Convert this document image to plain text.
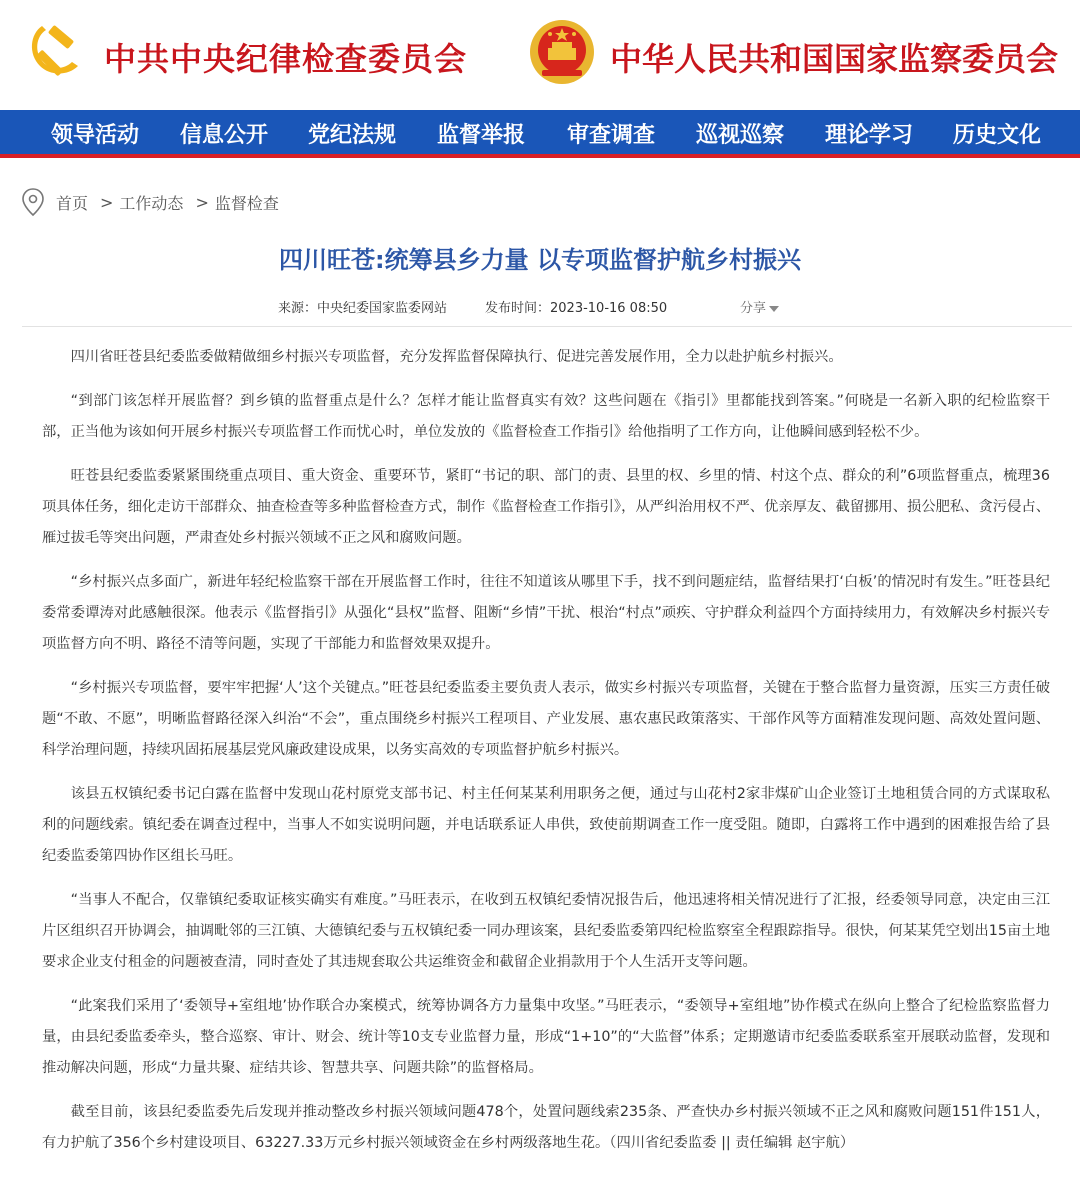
中共中央纪律检查委员会	中华人民共和国国家监察委员会
领导活动 信息公开 党纪法规 监督举报 审查调查 巡视巡察 理论学习 历史文化
首页 > 工作动态 > 监督检查
四川旺苍:统筹县乡力量 以专项监督护航乡村振兴
来源：中央纪委国家监委网站	发布时间：2023-10-16 08:50	分享

四川省旺苍县纪委监委做精做细乡村振兴专项监督，充分发挥监督保障执行、促进完善发展作用，全力以赴护航乡村振兴。

“到部门该怎样开展监督？到乡镇的监督重点是什么？怎样才能让监督真实有效？这些问题在《指引》里都能找到答案。”何晓是一名新入职的纪检监察干部，正当他为该如何开展乡村振兴专项监督工作而忧心时，单位发放的《监督检查工作指引》给他指明了工作方向，让他瞬间感到轻松不少。

旺苍县纪委监委紧紧围绕重点项目、重大资金、重要环节，紧盯“书记的职、部门的责、县里的权、乡里的情、村这个点、群众的利”6项监督重点，梳理36项具体任务，细化走访干部群众、抽查检查等多种监督检查方式，制作《监督检查工作指引》，从严纠治用权不严、优亲厚友、截留挪用、损公肥私、贪污侵占、雁过拔毛等突出问题，严肃查处乡村振兴领域不正之风和腐败问题。

“乡村振兴点多面广，新进年轻纪检监察干部在开展监督工作时，往往不知道该从哪里下手，找不到问题症结，监督结果打‘白板’的情况时有发生。”旺苍县纪委常委谭涛对此感触很深。他表示《监督指引》从强化“县权”监督、阻断“乡情”干扰、根治“村点”顽疾、守护群众利益四个方面持续用力，有效解决乡村振兴专项监督方向不明、路径不清等问题，实现了干部能力和监督效果双提升。

“乡村振兴专项监督，要牢牢把握‘人’这个关键点。”旺苍县纪委监委主要负责人表示，做实乡村振兴专项监督，关键在于整合监督力量资源，压实三方责任破题“不敢、不愿”，明晰监督路径深入纠治“不会”，重点围绕乡村振兴工程项目、产业发展、惠农惠民政策落实、干部作风等方面精准发现问题、高效处置问题、科学治理问题，持续巩固拓展基层党风廉政建设成果，以务实高效的专项监督护航乡村振兴。

该县五权镇纪委书记白露在监督中发现山花村原党支部书记、村主任何某某利用职务之便，通过与山花村2家非煤矿山企业签订土地租赁合同的方式谋取私利的问题线索。镇纪委在调查过程中，当事人不如实说明问题，并电话联系证人串供，致使前期调查工作一度受阻。随即，白露将工作中遇到的困难报告给了县纪委监委第四协作区组长马旺。

“当事人不配合，仅靠镇纪委取证核实确实有难度。”马旺表示，在收到五权镇纪委情况报告后，他迅速将相关情况进行了汇报，经委领导同意，决定由三江片区组织召开协调会，抽调毗邻的三江镇、大德镇纪委与五权镇纪委一同办理该案，县纪委监委第四纪检监察室全程跟踪指导。很快，何某某凭空划出15亩土地要求企业支付租金的问题被查清，同时查处了其违规套取公共运维资金和截留企业捐款用于个人生活开支等问题。

“此案我们采用了‘委领导+室组地’协作联合办案模式，统筹协调各方力量集中攻坚。”马旺表示，“委领导+室组地”协作模式在纵向上整合了纪检监察监督力量，由县纪委监委牵头，整合巡察、审计、财会、统计等10支专业监督力量，形成“1+10”的“大监督”体系；定期邀请市纪委监委联系室开展联动监督，发现和推动解决问题，形成“力量共聚、症结共诊、智慧共享、问题共除”的监督格局。

截至目前，该县纪委监委先后发现并推动整改乡村振兴领域问题478个，处置问题线索235条、严查快办乡村振兴领域不正之风和腐败问题151件151人，有力护航了356个乡村建设项目、63227.33万元乡村振兴领域资金在乡村两级落地生花。（四川省纪委监委 || 责任编辑 赵宇航）
